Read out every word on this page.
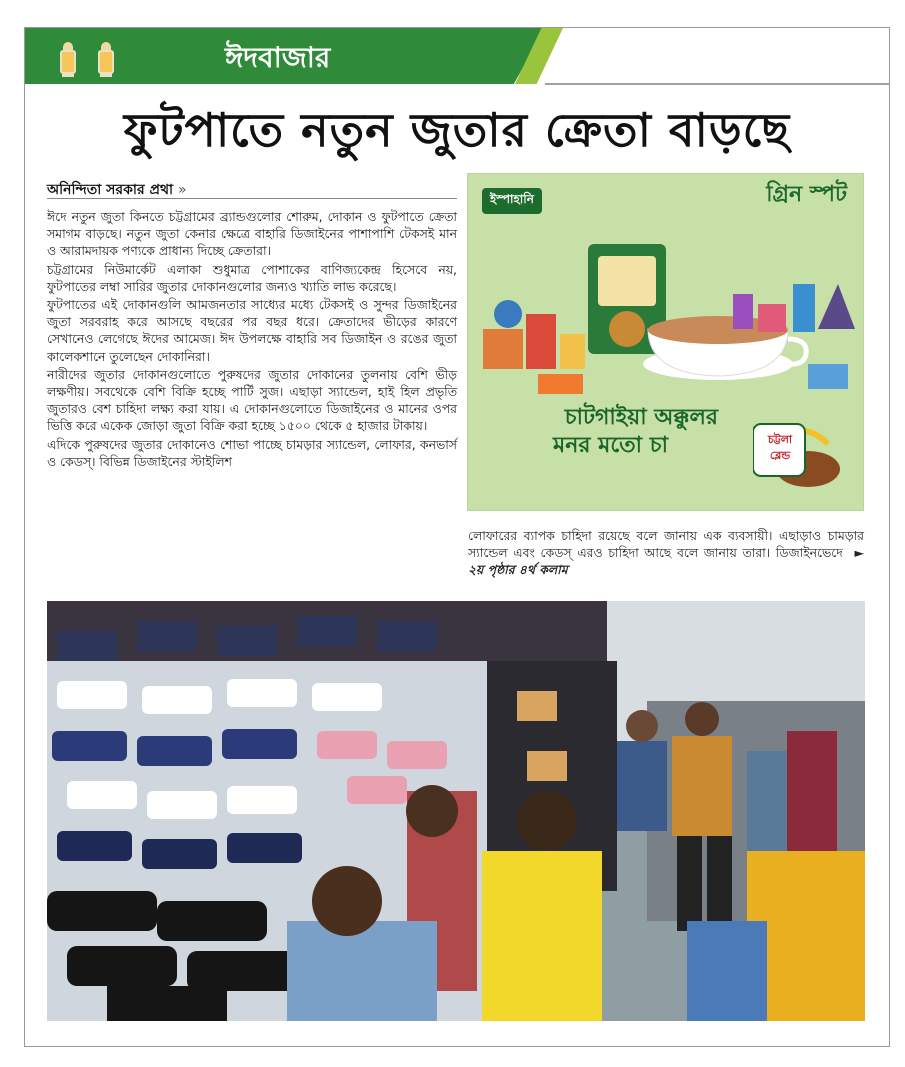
ঈদবাজার
ফুটপাতে নতুন জুতার ক্রেতা বাড়ছে
অনিন্দিতা সরকার প্রথা »

ঈদে নতুন জুতা কিনতে চট্টগ্রামের ব্র্যান্ডগুলোর শোরুম, দোকান ও ফুটপাতে ক্রেতা সমাগম বাড়ছে। নতুন জুতা কেনার ক্ষেত্রে বাহারি ডিজাইনের পাশাপাশি টেকসই মান ও আরামদায়ক পণ্যকে প্রাধান্য দিচ্ছে ক্রেতারা।

চট্টগ্রামের নিউমার্কেট এলাকা শুধুমাত্র পোশাকের বাণিজ্যকেন্দ্র হিসেবে নয়, ফুটপাতের লম্বা সারির জুতার দোকানগুলোর জন্যও খ্যাতি লাভ করেছে।

ফুটপাতের এই দোকানগুলি আমজনতার সাধ্যের মধ্যে টেকসই ও সুন্দর ডিজাইনের জুতা সরবরাহ করে আসছে বছরের পর বছর ধরে। ক্রেতাদের ভীড়ের কারণে সেখানেও লেগেছে ঈদের আমেজ। ঈদ উপলক্ষে বাহারি সব ডিজাইন ও রঙের জুতা কালেকশানে তুলেছেন দোকানিরা।

নারীদের জুতার দোকানগুলোতে পুরুষদের জুতার দোকানের তুলনায় বেশি ভীড় লক্ষণীয়। সবথেকে বেশি বিক্রি হচ্ছে পার্টি সুজ। এছাড়া স্যান্ডেল, হাই হিল প্রভৃতি জুতারও বেশ চাহিদা লক্ষ্য করা যায়। এ দোকানগুলোতে ডিজাইনের ও মানের ওপর ভিত্তি করে একেক জোড়া জুতা বিক্রি করা হচ্ছে ১৫০০ থেকে ৫ হাজার টাকায়।

এদিকে পুরুষদের জুতার দোকানেও শোভা পাচ্ছে চামড়ার স্যান্ডেল, লোফার, কনভার্স ও কেডস্। বিভিন্ন ডিজাইনের স্টাইলিশ

ইস্পাহানি	গ্রিন স্পট
চাটগাইয়া অক্কুলর
মনর মতো চা	চট্টলা ব্লেন্ড
লোফারের ব্যাপক চাহিদা রয়েছে বলে জানায় এক ব্যবসায়ী। এছাড়াও চামড়ার স্যান্ডেল এবং কেডস্ এরও চাহিদা আছে বলে জানায় তারা। ডিজাইনভেদে ► ২য় পৃষ্ঠার ৪র্থ কলাম
